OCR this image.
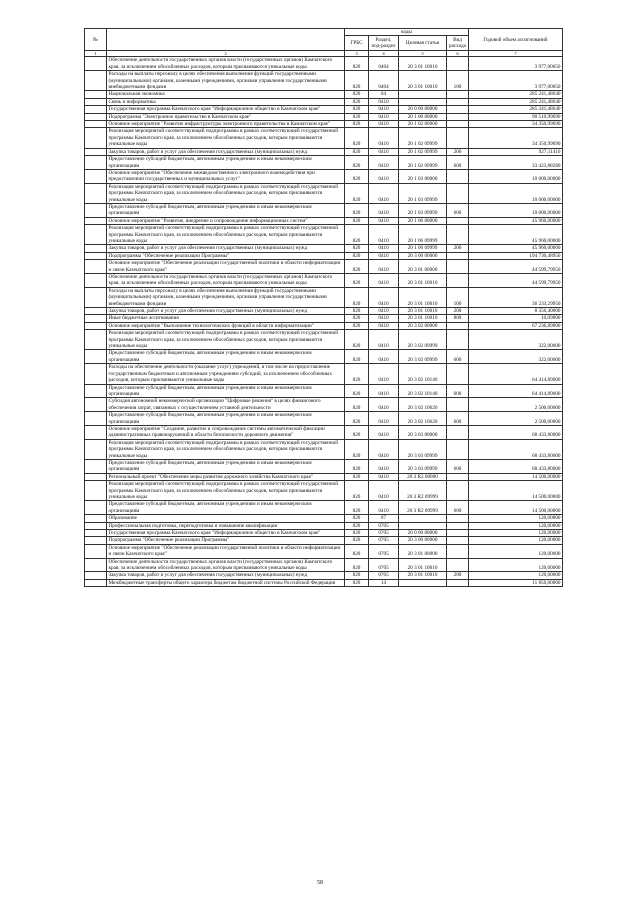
№		коды				Годовой объем ассигнований
		ГРБС	Раздел, под-раздел	Целевая статья	Вид расхода	
1	2	3	4	5	6	7
	Обеспечение деятельности государственных органов власти (государственных органов) Камчатского края, за исключением обособленных расходов, которым присваиваются уникальные коды	820	0404	20 3 01 10010		3 977,00050
	Расходы на выплаты персоналу в целях обеспечения выполнения функций государственными (муниципальными) органами, казенными учреждениями, органами управления государственными внебюджетными фондами	820	0404	20 3 01 10010	100	3 977,00050
	Национальная экономика	820	04			285 241,48640
	Связь и информатика	820	0410			285 241,48640
	Государственная программа Камчатского края "Информационное общество в Камчатском крае"	820	0410	20 0 00 00000		285 241,48640
	Подпрограмма "Электронное правительство в Камчатском крае"	820	0410	20 1 00 00000		90 510,99690
	Основное мероприятие "Развитие инфраструктуры электронного правительства в Камчатском крае"	820	0410	20 1 02 00000		34 350,99690
	Реализация мероприятий соответствующей подпрограммы в рамках соответствующей государственной программы Камчатского края, за исключением обособленных расходов, которым присваиваются уникальные коды	820	0410	20 1 02 09999		34 350,99690
	Закупка товаров, работ и услуг для обеспечения государственных (муниципальных) нужд	820	0410	20 1 02 09999	200	927,11410
	Предоставление субсидий бюджетным, автономным учреждениям и иным некоммерческим организациям	820	0410	20 1 02 09999	600	33 423,88280
	Основное мероприятие "Обеспечение межведомственного электронного взаимодействия при предоставлении государственных и муниципальных услуг"	820	0410	20 1 03 00000		10 000,00000
	Реализация мероприятий соответствующей подпрограммы в рамках соответствующей государственной программы Камчатского края, за исключением обособленных расходов, которым присваиваются уникальные коды	820	0410	20 1 03 09999		10 000,00000
	Предоставление субсидий бюджетным, автономным учреждениям и иным некоммерческим организациям	820	0410	20 1 03 09999	600	10 000,00000
	Основное мероприятие "Развитие, внедрение и сопровождение информационных систем"	820	0410	20 1 06 00000		45 960,00000
	Реализация мероприятий соответствующей подпрограммы в рамках соответствующей государственной программы Камчатского края, за исключением обособленных расходов, которым присваиваются уникальные коды	820	0410	20 1 06 09999		45 960,00000
	Закупка товаров, работ и услуг для обеспечения государственных (муниципальных) нужд	820	0410	20 1 06 09999	200	45 960,00000
	Подпрограмма "Обеспечение реализации Программы"	820	0410	20 3 00 00000		194 730,48950
	Основное мероприятие "Обеспечение реализации государственной политики в области информатизации и связи Камчатского края"	820	0410	20 3 01 00000		44 599,79950
	Обеспечение деятельности государственных органов власти (государственных органов) Камчатского края, за исключением обособленных расходов, которым присваиваются уникальные коды	820	0410	20 3 01 10010		44 599,79950
	Расходы на выплаты персоналу в целях обеспечения выполнения функций государственными (муниципальными) органами, казенными учреждениями, органами управления государственными внебюджетными фондами	820	0410	20 3 01 10010	100	36 233,29950
	Закупка товаров, работ и услуг для обеспечения государственных (муниципальных) нужд	820	0410	20 3 01 10010	200	8 356,40000
	Иные бюджетные ассигнования	820	0410	20 3 01 10010	800	10,09000
	Основное мероприятие "Выполнение технологических функций в области информатизации"	820	0410	20 3 02 00000		67 236,89000
	Реализация мероприятий соответствующей подпрограммы в рамках соответствующей государственной программы Камчатского края, за исключением обособленных расходов, которым присваиваются уникальные коды	820	0410	20 3 02 09999		322,00000
	Предоставление субсидий бюджетным, автономным учреждениям и иным некоммерческим организациям	820	0410	20 3 02 09999	600	322,00000
	Расходы на обеспечение деятельности (оказание услуг) учреждений, в том числе на предоставление государственным бюджетным и автономным учреждениям субсидий, за исключением обособленных расходов, которым присваиваются уникальные коды	820	0410	20 3 02 10140		64 414,89000
	Предоставление субсидий бюджетным, автономным учреждениям и иным некоммерческим организациям	820	0410	20 3 02 10140	600	64 414,89000
	Субсидия автономной некоммерческой организации "Цифровые решения" в целях финансового обеспечения затрат, связанных с осуществлением уставной деятельности	820	0410	20 3 02 10620		2 500,00000
	Предоставление субсидий бюджетным, автономным учреждениям и иным некоммерческим организациям	820	0410	20 3 02 10620	600	2 500,00000
	Основное мероприятие "Создание, развитие и сопровождение системы автоматической фиксации административных правонарушений в области безопасности дорожного движения"	820	0410	20 3 03 00000		68 433,80000
	Реализация мероприятий соответствующей подпрограммы в рамках соответствующей государственной программы Камчатского края, за исключением обособленных расходов, которым присваиваются уникальные коды	820	0410	20 3 03 09999		68 433,80000
	Предоставление субсидий бюджетным, автономным учреждениям и иным некоммерческим организациям	820	0410	20 3 03 09999	600	68 433,80000
	Региональный проект "Обеспечение меры развития дорожного хозяйства Камчатского края"	820	0410	20 3 R2 00000		14 500,00000
	Реализация мероприятий соответствующей подпрограммы в рамках соответствующей государственной программы Камчатского края, за исключением обособленных расходов, которым присваиваются уникальные коды	820	0410	20 3 R2 09999		14 500,00000
	Предоставление субсидий бюджетным, автономным учреждениям и иным некоммерческим организациям	820	0410	20 3 R2 09999	600	14 500,00000
	Образование	820	07			120,00000
	Профессиональная подготовка, переподготовка и повышение квалификации	820	0705			120,00000
	Государственная программа Камчатского края "Информационное общество в Камчатском крае"	820	0705	20 0 00 00000		120,00000
	Подпрограмма "Обеспечение реализации Программы"	820	0705	20 3 00 00000		120,00000
	Основное мероприятие "Обеспечение реализации государственной политики в области информатизации и связи Камчатского края"	820	0705	20 3 01 00000		120,00000
	Обеспечение деятельности государственных органов власти (государственных органов) Камчатского края, за исключением обособленных расходов, которым присваиваются уникальные коды	820	0705	20 3 01 10010		120,00000
	Закупка товаров, работ и услуг для обеспечения государственных (муниципальных) нужд	820	0705	20 3 01 10010	200	120,00000
	Межбюджетные трансферты общего характера бюджетам бюджетной системы Российской Федерации	820	14			11 850,00000
58
